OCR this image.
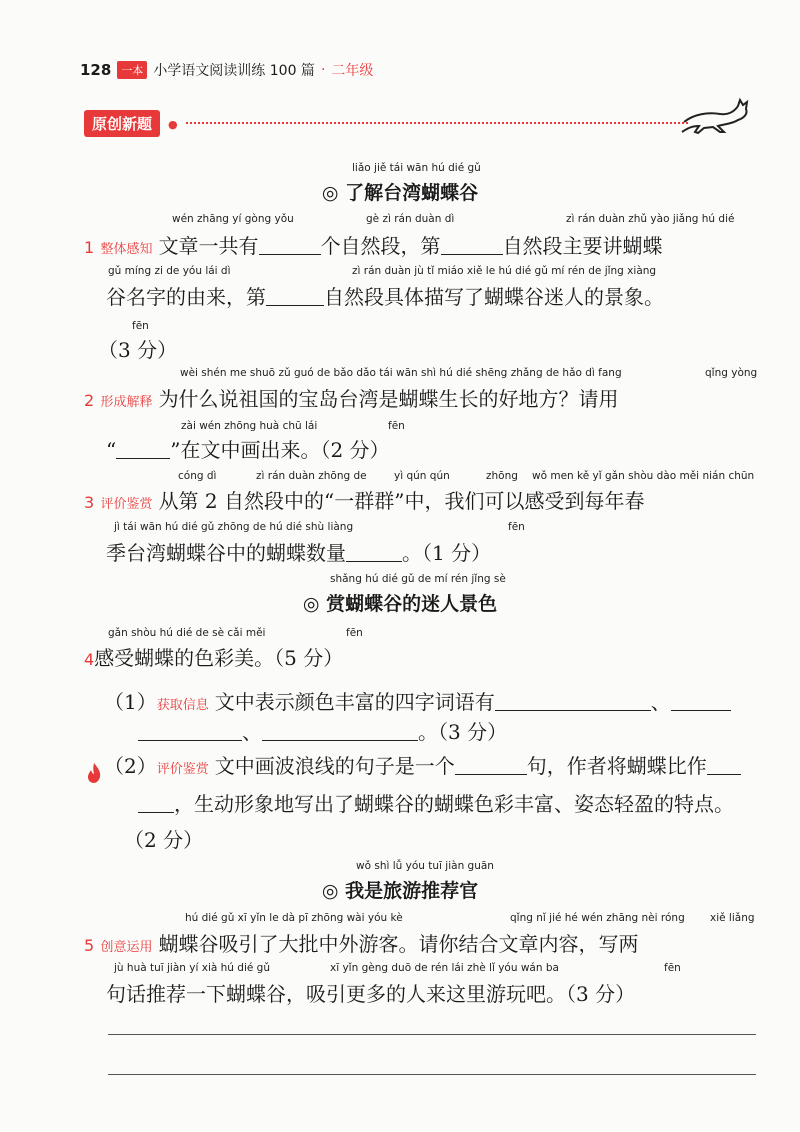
128 一本 小学语文阅读训练 100 篇 · 二年级
原创新题	●
liǎo jiě tái wān hú dié gǔ
◎ 了解台湾蝴蝶谷
wén zhāng yí gòng yǒu	gè zì rán duàn dì	zì rán duàn zhǔ yào jiǎng hú dié
1 整体感知 文章一共有	个自然段，第	自然段主要讲蝴蝶
gǔ míng zi de yóu lái dì	zì rán duàn jù tǐ miáo xiě le hú dié gǔ mí rén de jǐng xiàng
谷名字的由来，第	自然段具体描写了蝴蝶谷迷人的景象。
fēn
（3 分）
wèi shén me shuō zǔ guó de bǎo dǎo tái wān shì hú dié shēng zhǎng de hǎo dì fang	qǐng yòng
2 形成解释 为什么说祖国的宝岛台湾是蝴蝶生长的好地方？请用
zài wén zhōng huà chū lái	fēn
“	”在文中画出来。（2 分）
cóng dì	zì rán duàn zhōng de	yì qún qún	zhōng wǒ men kě yǐ gǎn shòu dào měi nián chūn
3 评价鉴赏 从第 2 自然段中的“一群群”中，我们可以感受到每年春
jì tái wān hú dié gǔ zhōng de hú dié shù liàng	fēn
季台湾蝴蝶谷中的蝴蝶数量	。（1 分）
shǎng hú dié gǔ de mí rén jǐng sè
◎ 赏蝴蝶谷的迷人景色
gǎn shòu hú dié de sè cǎi měi	fēn
4感受蝴蝶的色彩美。（5 分）
（1）获取信息 文中表示颜色丰富的四字词语有	、
、	。（3 分）
（2）评价鉴赏 文中画波浪线的句子是一个	句，作者将蝴蝶比作
，生动形象地写出了蝴蝶谷的蝴蝶色彩丰富、姿态轻盈的特点。
（2 分）
wǒ shì lǚ yóu tuī jiàn guān
◎ 我是旅游推荐官
hú dié gǔ xī yǐn le dà pī zhōng wài yóu kè	qǐng nǐ jié hé wén zhāng nèi róng xiě liǎng
5 创意运用 蝴蝶谷吸引了大批中外游客。请你结合文章内容，写两
jù huà tuī jiàn yí xià hú dié gǔ	xī yǐn gèng duō de rén lái zhè lǐ yóu wán ba	fēn
句话推荐一下蝴蝶谷，吸引更多的人来这里游玩吧。（3 分）
